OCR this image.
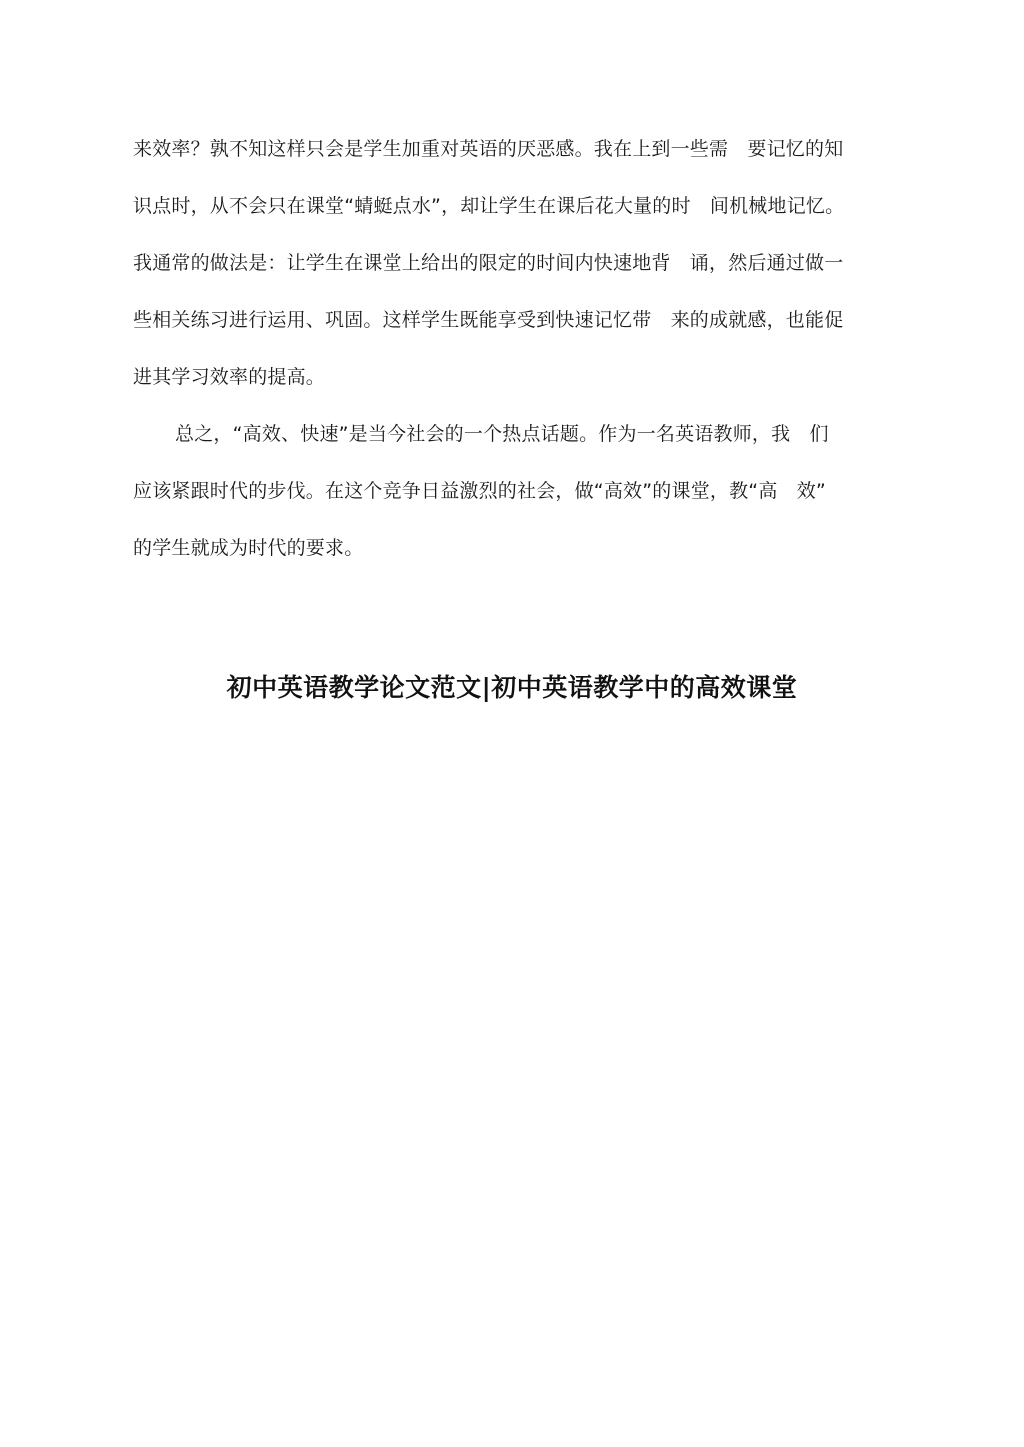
来效率？孰不知这样只会是学生加重对英语的厌恶感。我在上到一些需　要记忆的知
识点时，从不会只在课堂“蜻蜓点水”，却让学生在课后花大量的时　间机械地记忆。
我通常的做法是：让学生在课堂上给出的限定的时间内快速地背　诵，然后通过做一
些相关练习进行运用、巩固。这样学生既能享受到快速记忆带　来的成就感，也能促
进其学习效率的提高。
总之，“高效、快速”是当今社会的一个热点话题。作为一名英语教师，我　们
应该紧跟时代的步伐。在这个竞争日益激烈的社会，做“高效”的课堂，教“高　效”
的学生就成为时代的要求。
初中英语教学论文范文|初中英语教学中的高效课堂
